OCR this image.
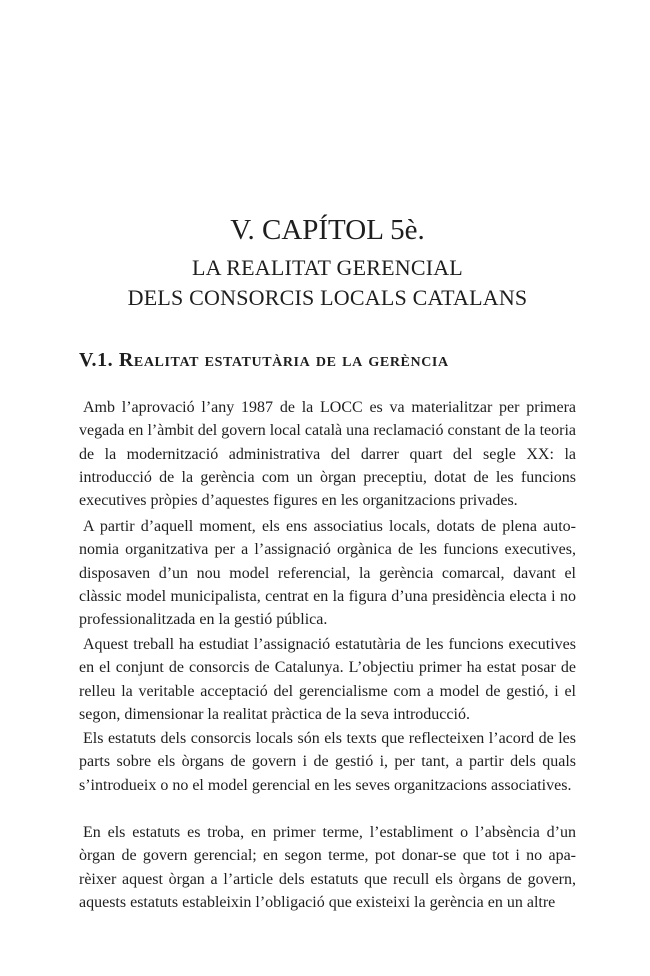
V. CAPÍTOL 5è.
LA REALITAT GERENCIAL
DELS CONSORCIS LOCALS CATALANS
V.1. Realitat estatutària de la gerència

Amb l’aprovació l’any 1987 de la LOCC es va materialitzar per primera vegada en l’àmbit del govern local català una reclamació constant de la teoria de la modernització administrativa del darrer quart del segle XX: la introducció de la gerència com un òrgan preceptiu, dotat de les funcions executives pròpies d’aquestes figures en les organitzacions privades.

A partir d’aquell moment, els ens associatius locals, dotats de plena autonomia organitzativa per a l’assignació orgànica de les funcions executives, disposaven d’un nou model referencial, la gerència comarcal, davant el clàssic model municipalista, centrat en la figura d’una presidència electa i no professionalitzada en la gestió pública.

Aquest treball ha estudiat l’assignació estatutària de les funcions executives en el conjunt de consorcis de Catalunya. L’objectiu primer ha estat posar de relleu la veritable acceptació del gerencialisme com a model de gestió, i el segon, dimensionar la realitat pràctica de la seva introducció.

Els estatuts dels consorcis locals són els texts que reflecteixen l’acord de les parts sobre els òrgans de govern i de gestió i, per tant, a partir dels quals s’introdueix o no el model gerencial en les seves organitzacions associatives.

En els estatuts es troba, en primer terme, l’establiment o l’absència d’un òrgan de govern gerencial; en segon terme, pot donar-se que tot i no aparèixer aquest òrgan a l’article dels estatuts que recull els òrgans de govern, aquests estatuts estableixin l’obligació que existeixi la gerència en un altre
